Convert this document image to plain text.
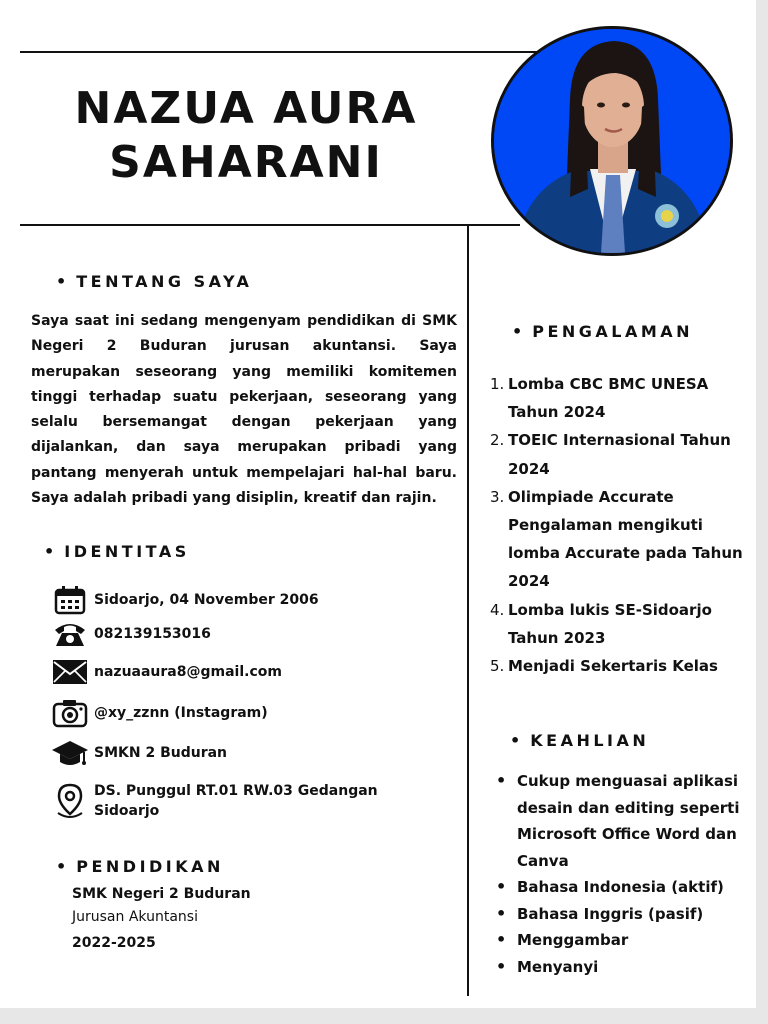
NAZUA AURA
SAHARANI
• TENTANG SAYA

Saya saat ini sedang mengenyam pendidikan di SMK Negeri 2 Buduran jurusan akuntansi. Saya merupakan seseorang yang memiliki komitemen tinggi terhadap suatu pekerjaan, seseorang yang selalu bersemangat dengan pekerjaan yang dijalankan, dan saya merupakan pribadi yang pantang menyerah untuk mempelajari hal-hal baru. Saya adalah pribadi yang disiplin, kreatif dan rajin.

• IDENTITAS
Sidoarjo, 04 November 2006
082139153016
nazuaaura8@gmail.com
@xy_zznn (Instagram)
SMKN 2 Buduran
DS. Punggul RT.01 RW.03 Gedangan Sidoarjo
• PENDIDIKAN
SMK Negeri 2 Buduran
Jurusan Akuntansi
2022-2025
• PENGALAMAN
1. Lomba CBC BMC UNESA Tahun 2024
2. TOEIC Internasional Tahun 2024
3. Olimpiade Accurate Pengalaman mengikuti lomba Accurate pada Tahun 2024
4. Lomba lukis SE-Sidoarjo Tahun 2023
5. Menjadi Sekertaris Kelas
• KEAHLIAN
• Cukup menguasai aplikasi desain dan editing seperti Microsoft Office Word dan Canva
• Bahasa Indonesia (aktif)
• Bahasa Inggris (pasif)
• Menggambar
• Menyanyi
